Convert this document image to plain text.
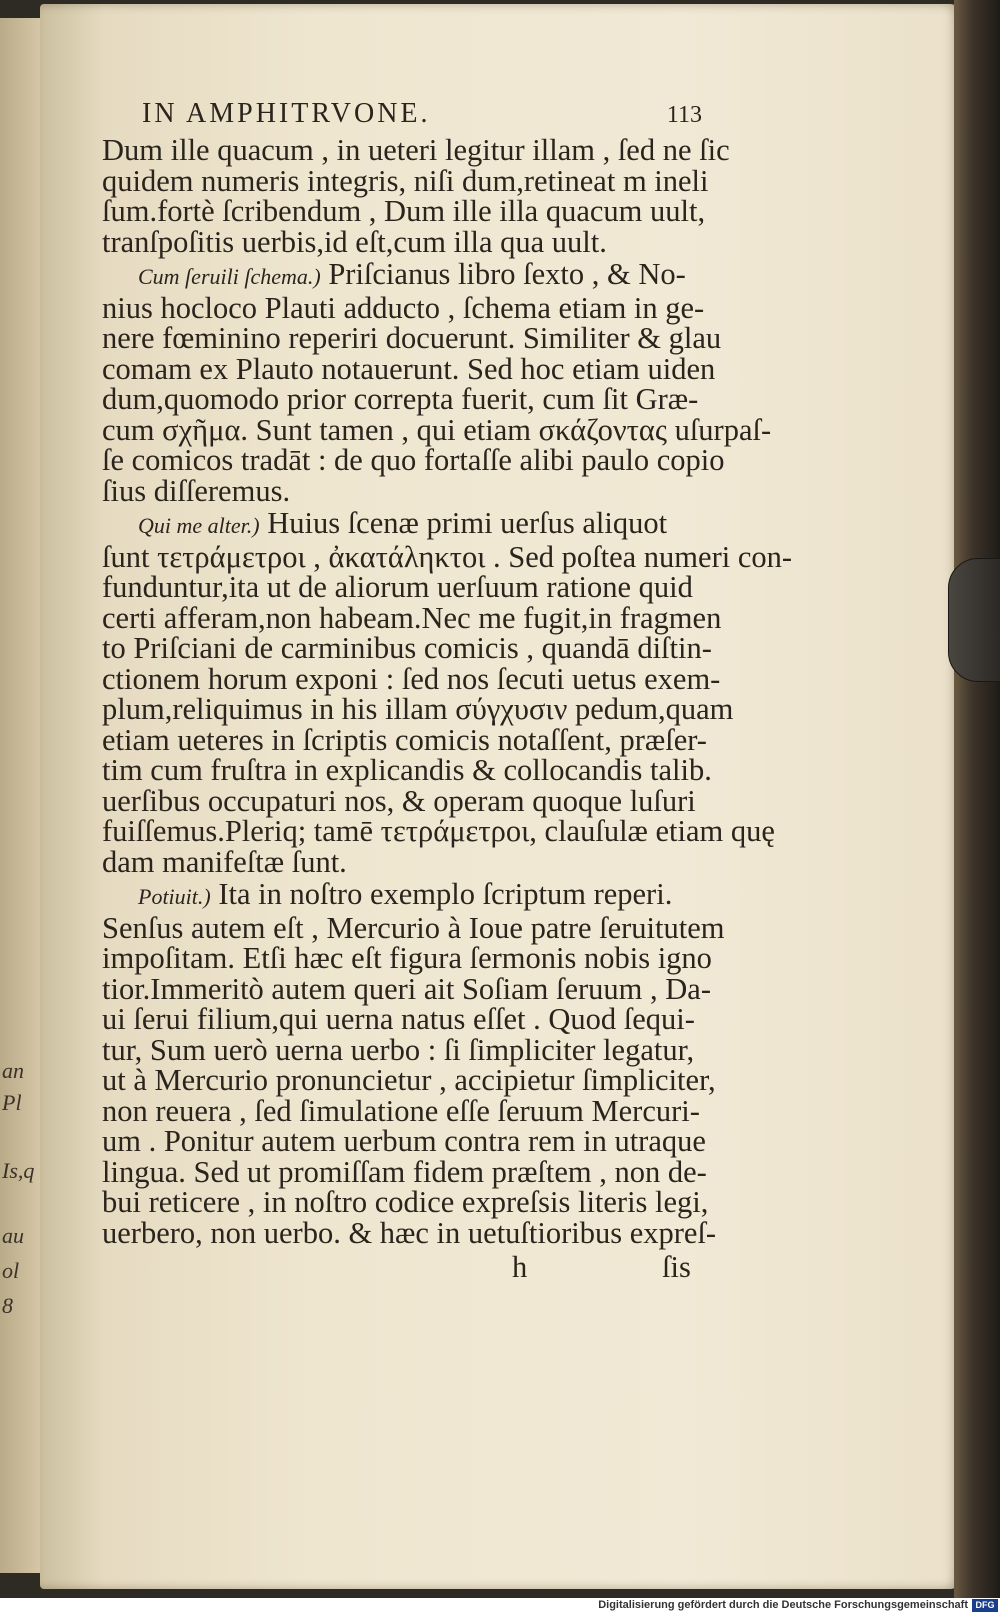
an
Pl
Is,q
au
ol
8
IN AMPHITRVONE.	113
Dum ille quacum , in ueteri legitur illam , ſed ne ſic
quidem numeris integris, niſi dum,retineat m ineli
ſum.fortè ſcribendum , Dum ille illa quacum uult,
tranſpoſitis uerbis,id eſt,cum illa qua uult.
Cum ſeruili ſchema.) Priſcianus libro ſexto , & No-
nius hocloco Plauti adducto , ſchema etiam in ge-
nere fœminino reperiri docuerunt. Similiter & glau
comam ex Plauto notauerunt. Sed hoc etiam uiden
dum,quomodo prior correpta fuerit, cum ſit Græ-
cum σχῆμα. Sunt tamen , qui etiam σκάζοντας uſurpaſ-
ſe comicos tradāt : de quo fortaſſe alibi paulo copio
ſius diſſeremus.
Qui me alter.) Huius ſcenæ primi uerſus aliquot
ſunt τετράμετροι , ἀκατάληκτοι . Sed poſtea numeri con-
funduntur,ita ut de aliorum uerſuum ratione quid
certi afferam,non habeam.Nec me fugit,in fragmen
to Priſciani de carminibus comicis , quandā diſtin-
ctionem horum exponi : ſed nos ſecuti uetus exem-
plum,reliquimus in his illam σύγχυσιν pedum,quam
etiam ueteres in ſcriptis comicis notaſſent, præſer-
tim cum fruſtra in explicandis & collocandis talib.
uerſibus occupaturi nos, & operam quoque luſuri
fuiſſemus.Pleriq; tamē τετράμετροι, clauſulæ etiam quę
dam manifeſtæ ſunt.
Potiuit.) Ita in noſtro exemplo ſcriptum reperi.
Senſus autem eſt , Mercurio à Ioue patre ſeruitutem
impoſitam. Etſi hæc eſt figura ſermonis nobis igno
tior.Immeritò autem queri ait Soſiam ſeruum , Da-
ui ſerui filium,qui uerna natus eſſet . Quod ſequi-
tur, Sum uerò uerna uerbo : ſi ſimpliciter legatur,
ut à Mercurio pronuncietur , accipietur ſimpliciter,
non reuera , ſed ſimulatione eſſe ſeruum Mercuri-
um . Ponitur autem uerbum contra rem in utraque
lingua. Sed ut promiſſam fidem præſtem , non de-
bui reticere , in noſtro codice expreſsis literis legi,
uerbero, non uerbo. & hæc in uetuſtioribus expreſ-
h	ſis
Digitalisierung gefördert durch die Deutsche Forschungsgemeinschaft DFG
